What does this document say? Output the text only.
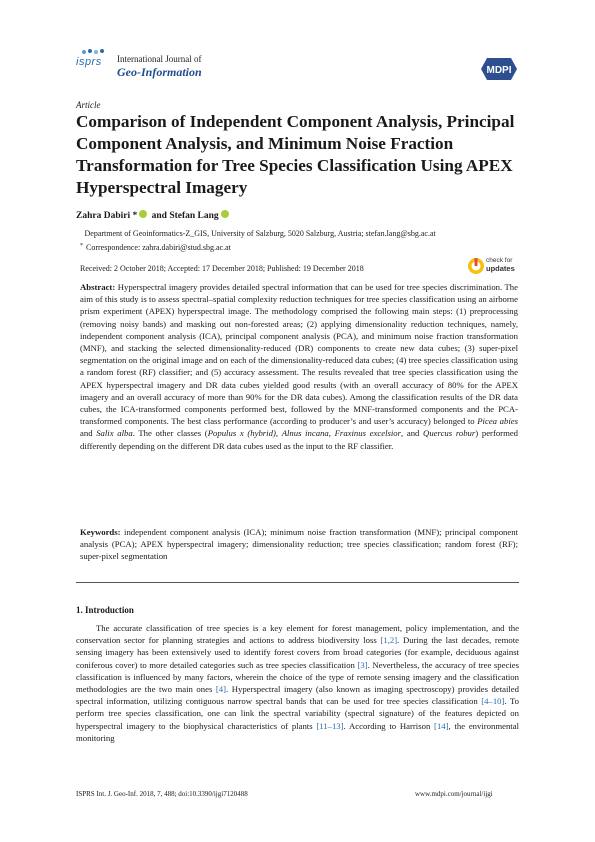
isprs International Journal of
Geo-Information	MDPI
Article
Comparison of Independent Component Analysis, Principal Component Analysis, and Minimum Noise Fraction Transformation for Tree Species Classification Using APEX Hyperspectral Imagery
Zahra Dabiri * and Stefan Lang
Department of Geoinformatics-Z_GIS, University of Salzburg, 5020 Salzburg, Austria; stefan.lang@sbg.ac.at
* Correspondence: zahra.dabiri@stud.sbg.ac.at
Received: 2 October 2018; Accepted: 17 December 2018; Published: 19 December 2018
check for
updates
Abstract: Hyperspectral imagery provides detailed spectral information that can be used for tree species discrimination. The aim of this study is to assess spectral–spatial complexity reduction techniques for tree species classification using an airborne prism experiment (APEX) hyperspectral image. The methodology comprised the following main steps: (1) preprocessing (removing noisy bands) and masking out non-forested areas; (2) applying dimensionality reduction techniques, namely, independent component analysis (ICA), principal component analysis (PCA), and minimum noise fraction transformation (MNF), and stacking the selected dimensionality-reduced (DR) components to create new data cubes; (3) super-pixel segmentation on the original image and on each of the dimensionality-reduced data cubes; (4) tree species classification using a random forest (RF) classifier; and (5) accuracy assessment. The results revealed that tree species classification using the APEX hyperspectral imagery and DR data cubes yielded good results (with an overall accuracy of 80% for the APEX imagery and an overall accuracy of more than 90% for the DR data cubes). Among the classification results of the DR data cubes, the ICA-transformed components performed best, followed by the MNF-transformed components and the PCA-transformed components. The best class performance (according to producer’s and user’s accuracy) belonged to Picea abies and Salix alba. The other classes (Populus x (hybrid), Alnus incana, Fraxinus excelsior, and Quercus robur) performed differently depending on the different DR data cubes used as the input to the RF classifier.
Keywords: independent component analysis (ICA); minimum noise fraction transformation (MNF); principal component analysis (PCA); APEX hyperspectral imagery; dimensionality reduction; tree species classification; random forest (RF); super-pixel segmentation
1. Introduction

The accurate classification of tree species is a key element for forest management, policy implementation, and the conservation sector for planning strategies and actions to address biodiversity loss [1,2]. During the last decades, remote sensing imagery has been extensively used to identify forest covers from broad categories (for example, deciduous against coniferous cover) to more detailed categories such as tree species classification [3]. Nevertheless, the accuracy of tree species classification is influenced by many factors, wherein the choice of the type of remote sensing imagery and the classification methodologies are the two main ones [4]. Hyperspectral imagery (also known as imaging spectroscopy) provides detailed spectral information, utilizing contiguous narrow spectral bands that can be used for tree species classification [4–10]. To perform tree species classification, one can link the spectral variability (spectral signature) of the features depicted on hyperspectral imagery to the biophysical characteristics of plants [11–13]. According to Harrison [14], the environmental monitoring

ISPRS Int. J. Geo-Inf. 2018, 7, 488; doi:10.3390/ijgi7120488	www.mdpi.com/journal/ijgi
